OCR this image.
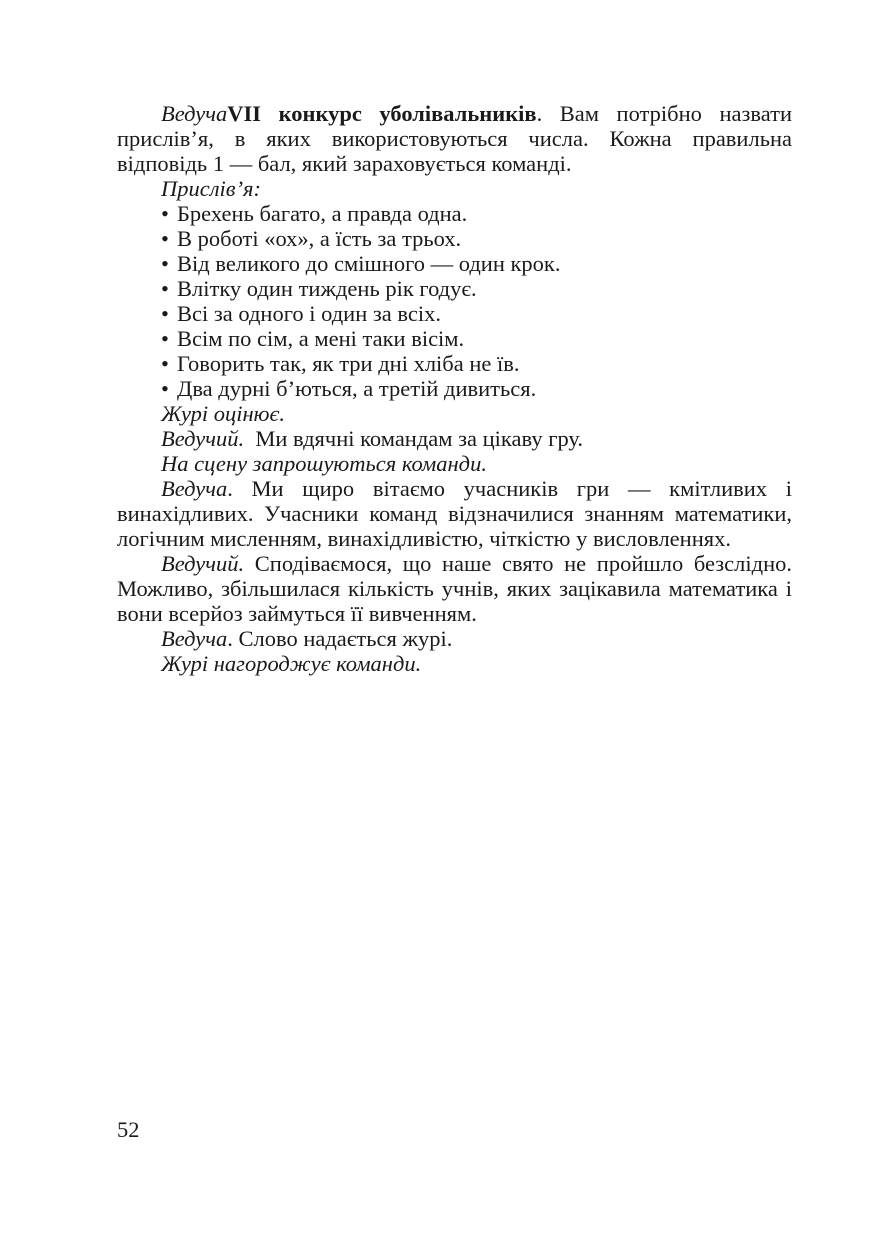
ВедучаVII конкурс уболівальників. Вам потрібно назвати прислів’я, в яких використовуються числа. Кожна правильна відповідь 1 — бал, який зараховується команді.

Прислів’я:

• Брехень багато, а правда одна.
• В роботі «ох», а їсть за трьох.
• Від великого до смішного — один крок.
• Влітку один тиждень рік годує.
• Всі за одного і один за всіх.
• Всім по сім, а мені таки вісім.
• Говорить так, як три дні хліба не їв.
• Два дурні б’ються, а третій дивиться.

Журі оцінює.

Ведучий.  Ми вдячні командам за цікаву гру.

На сцену запрошуються команди.

Ведуча. Ми щиро вітаємо учасників гри — кмітливих і винахідливих. Учасники команд відзначилися знанням математики, логічним мисленням, винахідливістю, чіткістю у висловленнях.

Ведучий. Сподіваємося, що наше свято не пройшло безслідно. Можливо, збільшилася кількість учнів, яких зацікавила математика і вони всерйоз займуться її вивченням.

Ведуча. Слово надається журі.

Журі нагороджує команди.

52
